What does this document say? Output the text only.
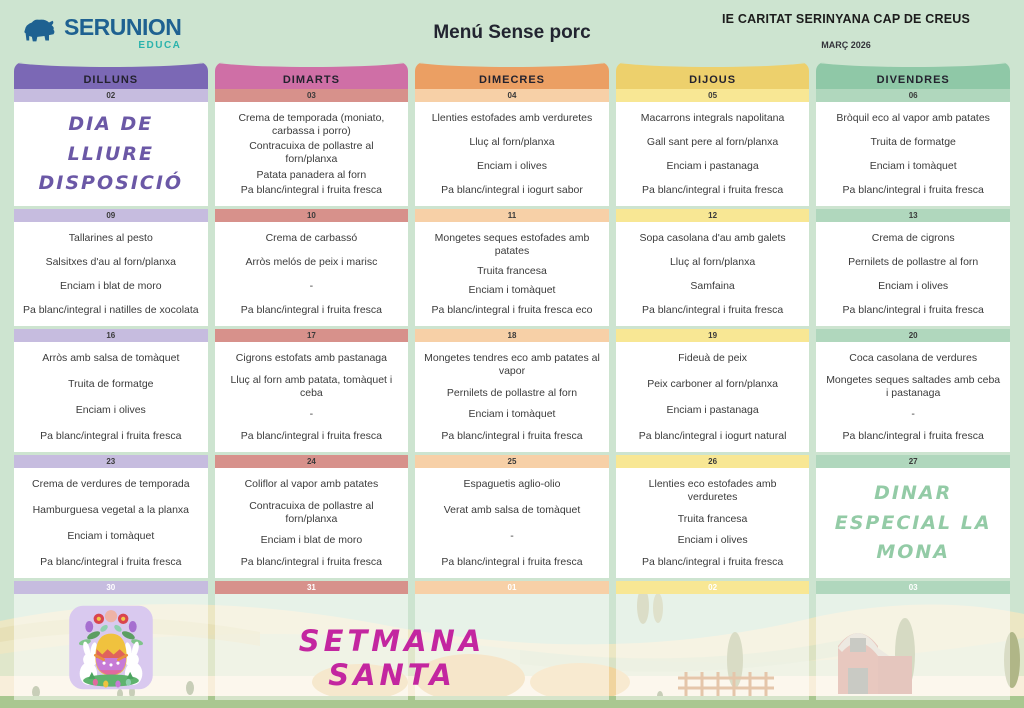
SERUNION
EDUCA
Menú Sense porc
IE CARITAT SERINYANA CAP DE CREUS
MARÇ 2026
DILLUNS
02
DIA DE LLIURE DISPOSICIÓ
09
Tallarines al pesto
Salsitxes d'au al forn/planxa
Enciam i blat de moro
Pa blanc/integral i natilles de xocolata
16
Arròs amb salsa de tomàquet
Truita de formatge
Enciam i olives
Pa blanc/integral i fruita fresca
23
Crema de verdures de temporada
Hamburguesa vegetal a la planxa
Enciam i tomàquet
Pa blanc/integral i fruita fresca
30
DIMARTS
03
Crema de temporada (moniato, carbassa i porro)
Contracuixa de pollastre al forn/planxa
Patata panadera al forn
Pa blanc/integral i fruita fresca
10
Crema de carbassó
Arròs melós de peix i marisc
-
Pa blanc/integral i fruita fresca
17
Cigrons estofats amb pastanaga
Lluç al forn amb patata, tomàquet i ceba
-
Pa blanc/integral i fruita fresca
24
Coliflor al vapor amb patates
Contracuixa de pollastre al forn/planxa
Enciam i blat de moro
Pa blanc/integral i fruita fresca
31
DIMECRES
04
Llenties estofades amb verduretes
Lluç al forn/planxa
Enciam i olives
Pa blanc/integral i iogurt sabor
11
Mongetes seques estofades amb patates
Truita francesa
Enciam i tomàquet
Pa blanc/integral i fruita fresca eco
18
Mongetes tendres eco amb patates al vapor
Pernilets de pollastre al forn
Enciam i tomàquet
Pa blanc/integral i fruita fresca
25
Espaguetis aglio-olio
Verat amb salsa de tomàquet
-
Pa blanc/integral i fruita fresca
01
DIJOUS
05
Macarrons integrals napolitana
Gall sant pere al forn/planxa
Enciam i pastanaga
Pa blanc/integral i fruita fresca
12
Sopa casolana d'au amb galets
Lluç al forn/planxa
Samfaina
Pa blanc/integral i fruita fresca
19
Fideuà de peix
Peix carboner al forn/planxa
Enciam i pastanaga
Pa blanc/integral i iogurt natural
26
Llenties eco estofades amb verduretes
Truita francesa
Enciam i olives
Pa blanc/integral i fruita fresca
02
DIVENDRES
06
Bròquil eco al vapor amb patates
Truita de formatge
Enciam i tomàquet
Pa blanc/integral i fruita fresca
13
Crema de cigrons
Pernilets de pollastre al forn
Enciam i olives
Pa blanc/integral i fruita fresca
20
Coca casolana de verdures
Mongetes seques saltades amb ceba i pastanaga
-
Pa blanc/integral i fruita fresca
27
DINAR ESPECIAL LA MONA
03
SETMANA SANTA
